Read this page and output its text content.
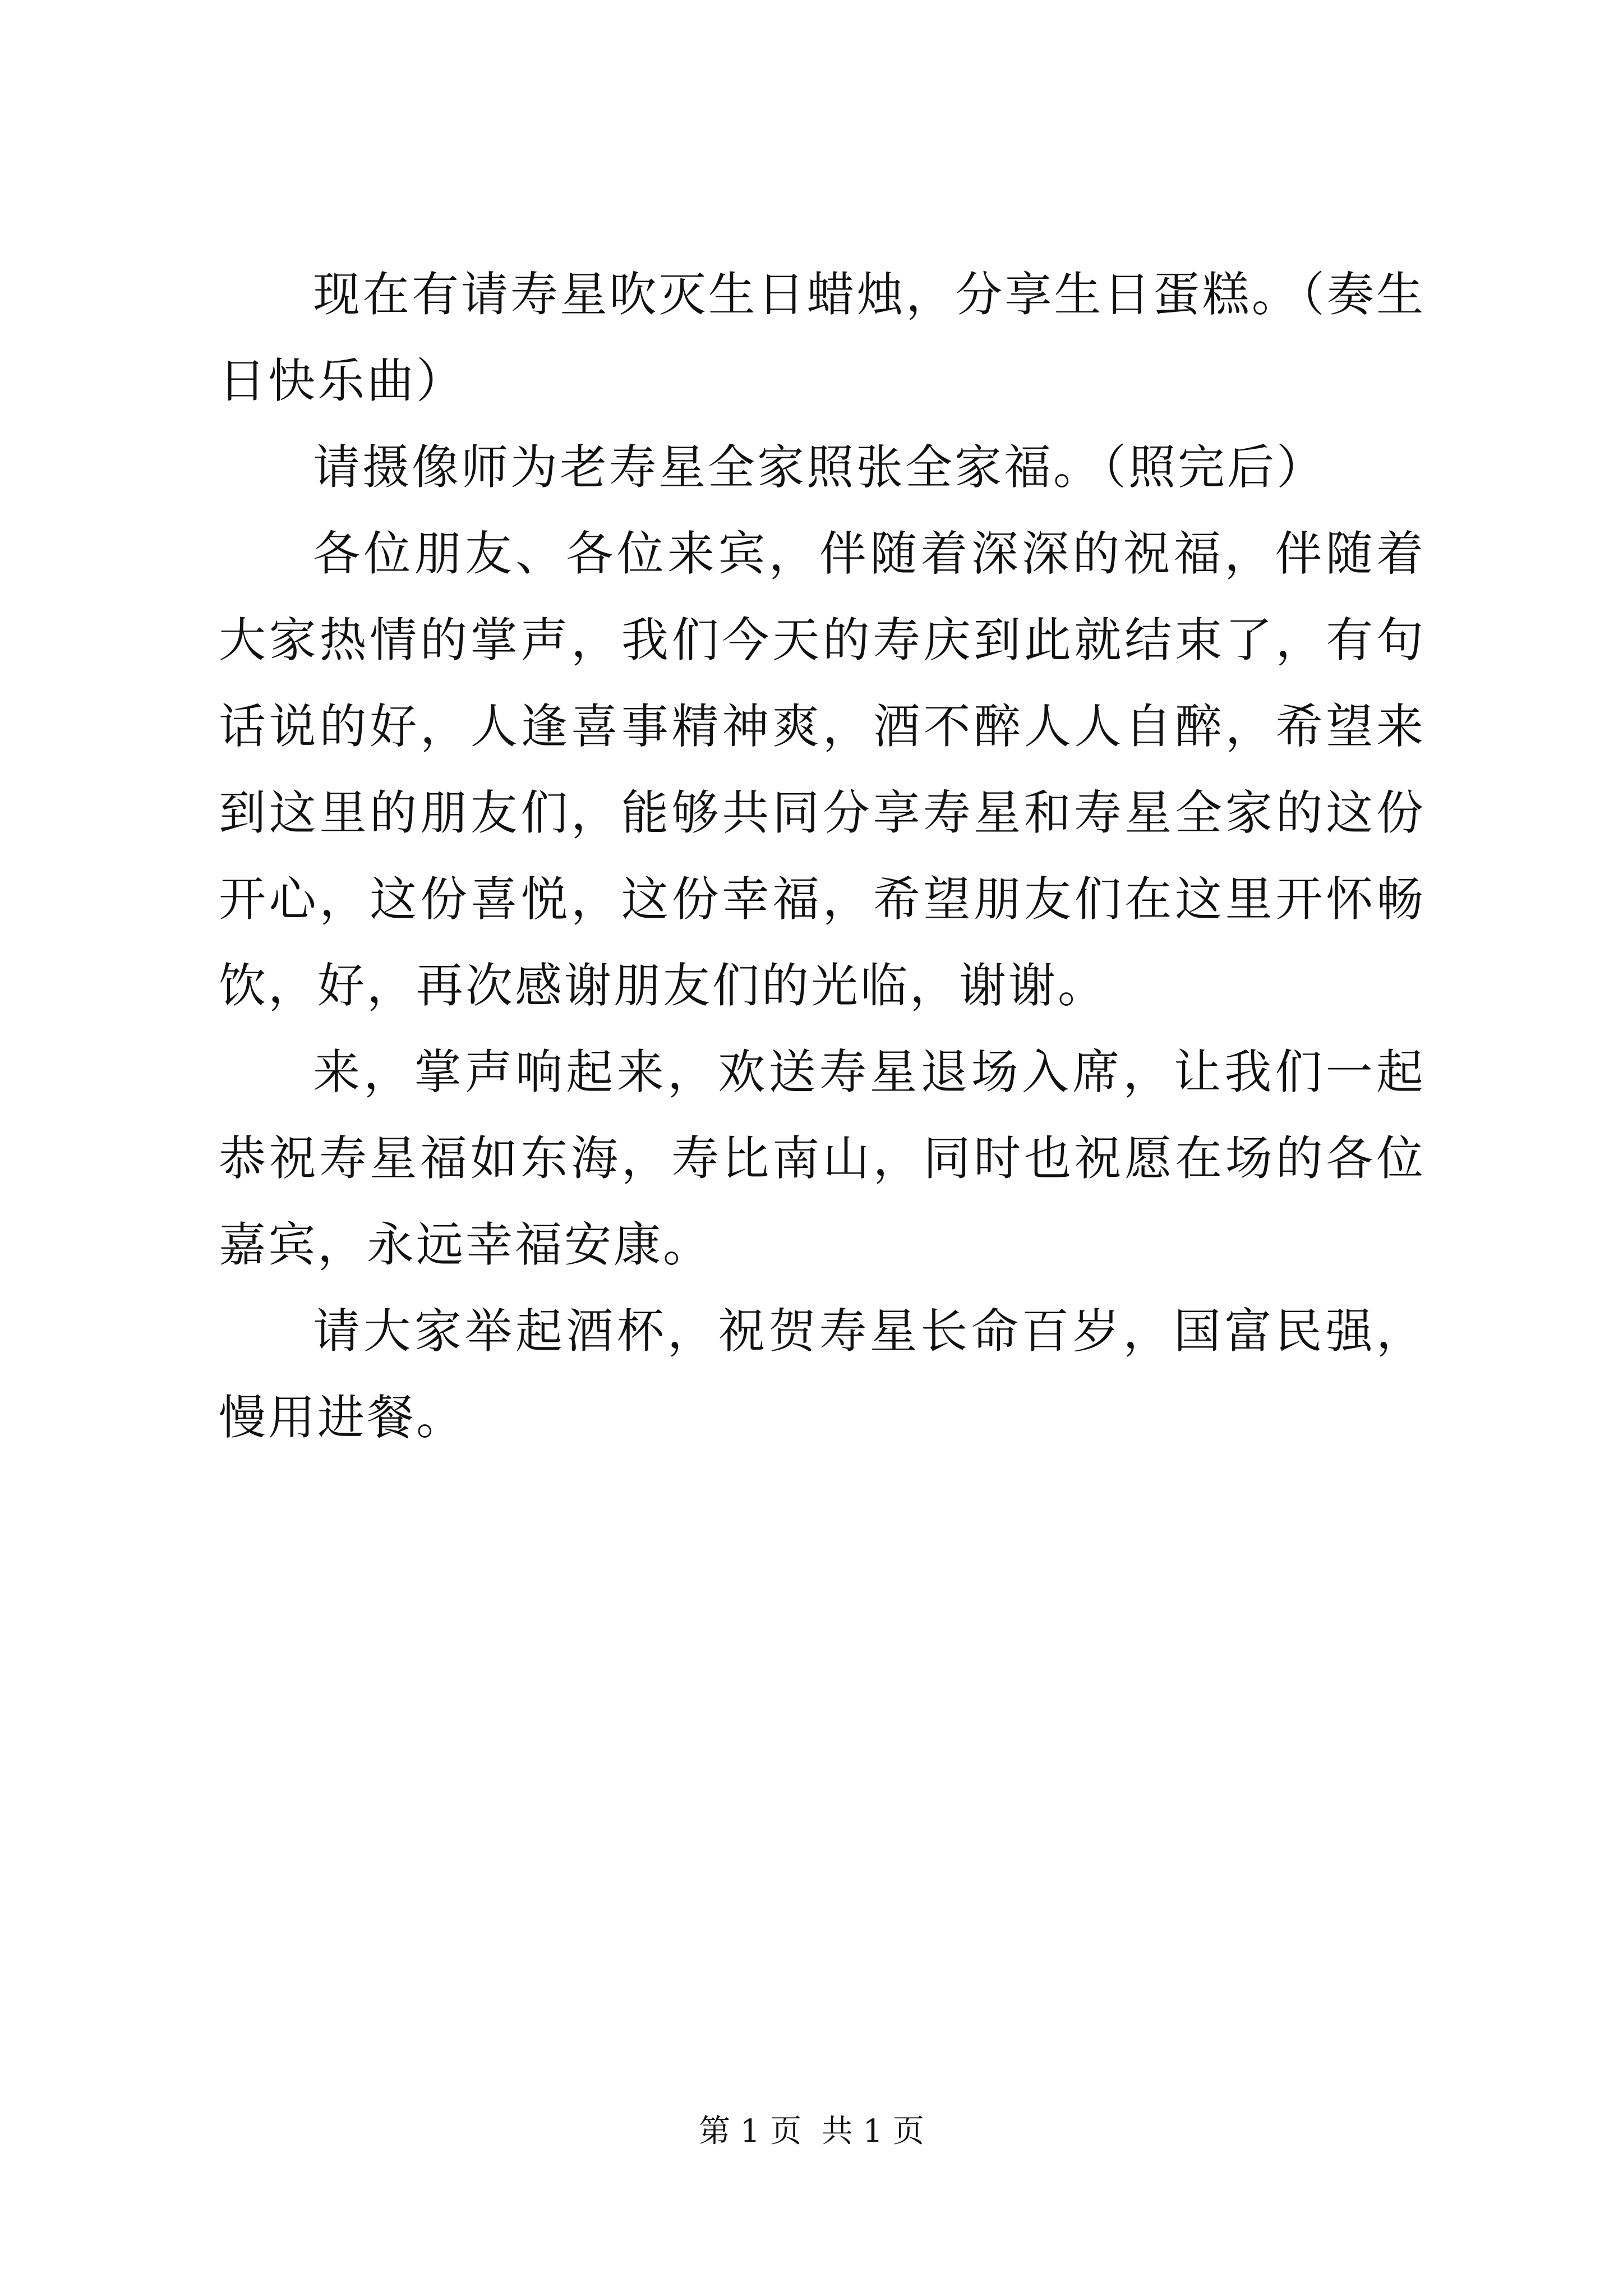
现在有请寿星吹灭生日蜡烛，分享生日蛋糕。（奏生日快乐曲）

请摄像师为老寿星全家照张全家福。（照完后）

各位朋友、各位来宾，伴随着深深的祝福，伴随着大家热情的掌声，我们今天的寿庆到此就结束了，有句话说的好，人逢喜事精神爽，酒不醉人人自醉，希望来到这里的朋友们，能够共同分享寿星和寿星全家的这份开心，这份喜悦，这份幸福，希望朋友们在这里开怀畅饮，好，再次感谢朋友们的光临，谢谢。

来，掌声响起来，欢送寿星退场入席，让我们一起恭祝寿星福如东海，寿比南山，同时也祝愿在场的各位嘉宾，永远幸福安康。

请大家举起酒杯，祝贺寿星长命百岁，国富民强，慢用进餐。

第 1 页  共 1 页
